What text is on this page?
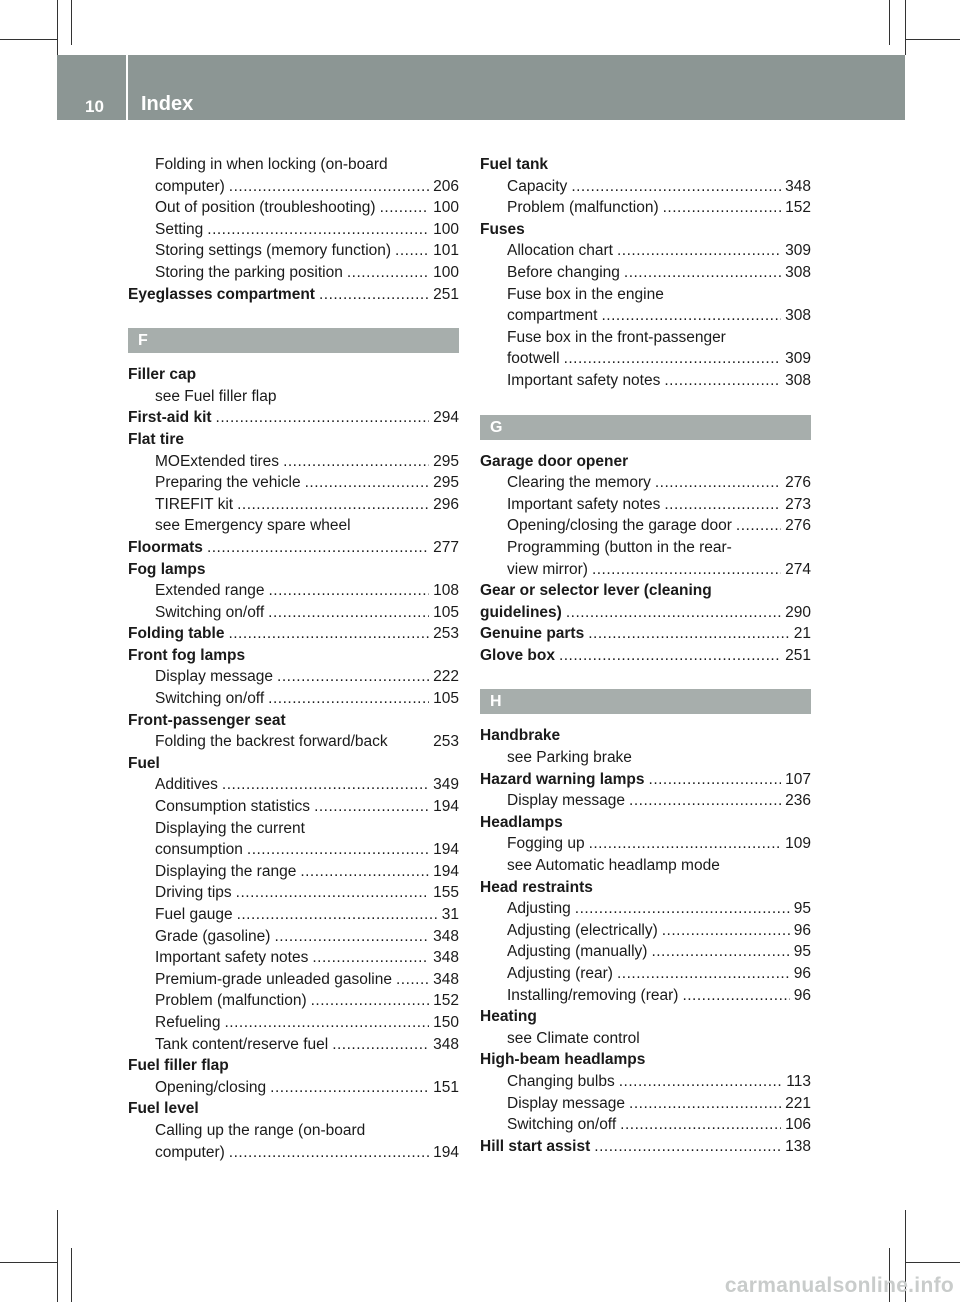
10 Index
Folding in when locking (on-board
computer) .....	206
Out of position (troubleshooting) .....	100
Setting .....	100
Storing settings (memory function) .....	101
Storing the parking position .....	100
Eyeglasses compartment .....	251
F
Filler cap
see Fuel filler flap
First-aid kit .....	294
Flat tire
MOExtended tires .....	295
Preparing the vehicle .....	295
TIREFIT kit .....	296
see Emergency spare wheel
Floormats .....	277
Fog lamps
Extended range .....	108
Switching on/off .....	105
Folding table .....	253
Front fog lamps
Display message .....	222
Switching on/off .....	105
Front-passenger seat
Folding the backrest forward/back	253
Fuel
Additives .....	349
Consumption statistics .....	194
Displaying the current
consumption .....	194
Displaying the range .....	194
Driving tips .....	155
Fuel gauge .....	31
Grade (gasoline) .....	348
Important safety notes .....	348
Premium-grade unleaded gasoline .....	348
Problem (malfunction) .....	152
Refueling .....	150
Tank content/reserve fuel .....	348
Fuel filler flap
Opening/closing .....	151
Fuel level
Calling up the range (on-board
computer) .....	194
Fuel tank
Capacity .....	348
Problem (malfunction) .....	152
Fuses
Allocation chart .....	309
Before changing .....	308
Fuse box in the engine
compartment .....	308
Fuse box in the front-passenger
footwell .....	309
Important safety notes .....	308
G
Garage door opener
Clearing the memory .....	276
Important safety notes .....	273
Opening/closing the garage door .....	276
Programming (button in the rear-
view mirror) .....	274
Gear or selector lever (cleaning
guidelines) .....	290
Genuine parts .....	21
Glove box .....	251
H
Handbrake
see Parking brake
Hazard warning lamps .....	107
Display message .....	236
Headlamps
Fogging up .....	109
see Automatic headlamp mode
Head restraints
Adjusting .....	95
Adjusting (electrically) .....	96
Adjusting (manually) .....	95
Adjusting (rear) .....	96
Installing/removing (rear) .....	96
Heating
see Climate control
High-beam headlamps
Changing bulbs .....	113
Display message .....	221
Switching on/off .....	106
Hill start assist .....	138
carmanualsonline.info
